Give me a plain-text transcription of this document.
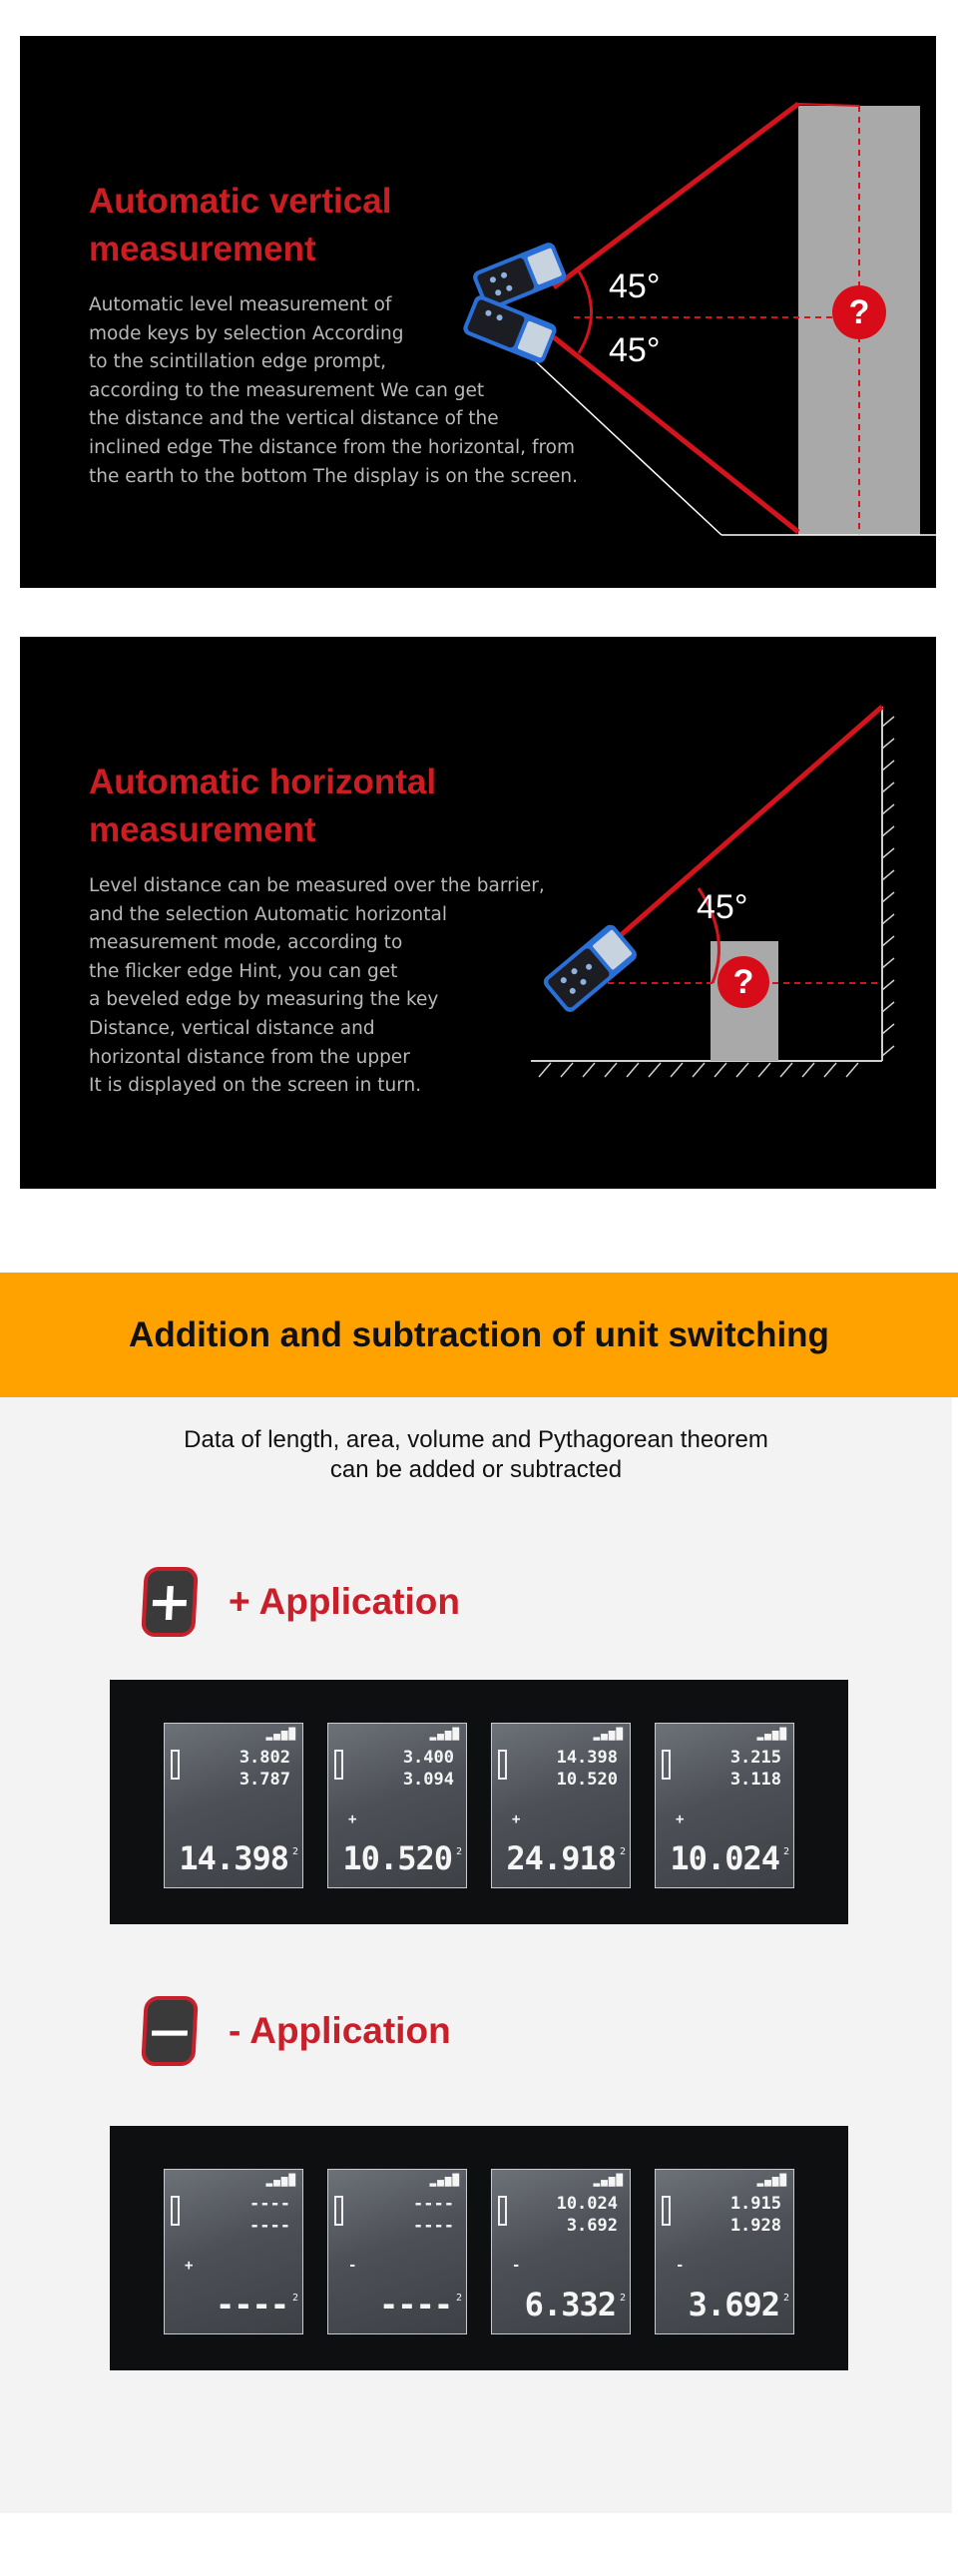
Automatic vertical
measurement

Automatic level measurement of
mode keys by selection According
to the scintillation edge prompt,
according to the measurement We can get
the distance and the vertical distance of the
inclined edge The distance from the horizontal, from
the earth to the bottom The display is on the screen.

45°
45°
?
Automatic horizontal
measurement

Level distance can be measured over the barrier,
and the selection Automatic horizontal
measurement mode, according to
the flicker edge Hint, you can get
a beveled edge by measuring the key
Distance, vertical distance and
horizontal distance from the upper
It is displayed on the screen in turn.

45°
?
Addition and subtraction of unit switching
Data of length, area, volume and Pythagorean theorem
can be added or subtracted
+ + Application
▂▄▆█
3.802
3.787
14.398 2
▂▄▆█
3.400
3.094
+
10.520 2
▂▄▆█
14.398
10.520
+
24.918 2
▂▄▆█
3.215
3.118
+
10.024 2
— - Application
▂▄▆█
----
----
+
---- 2
▂▄▆█
----
----
-
---- 2
▂▄▆█
10.024
3.692
-
6.332 2
▂▄▆█
1.915
1.928
-
3.692 2
